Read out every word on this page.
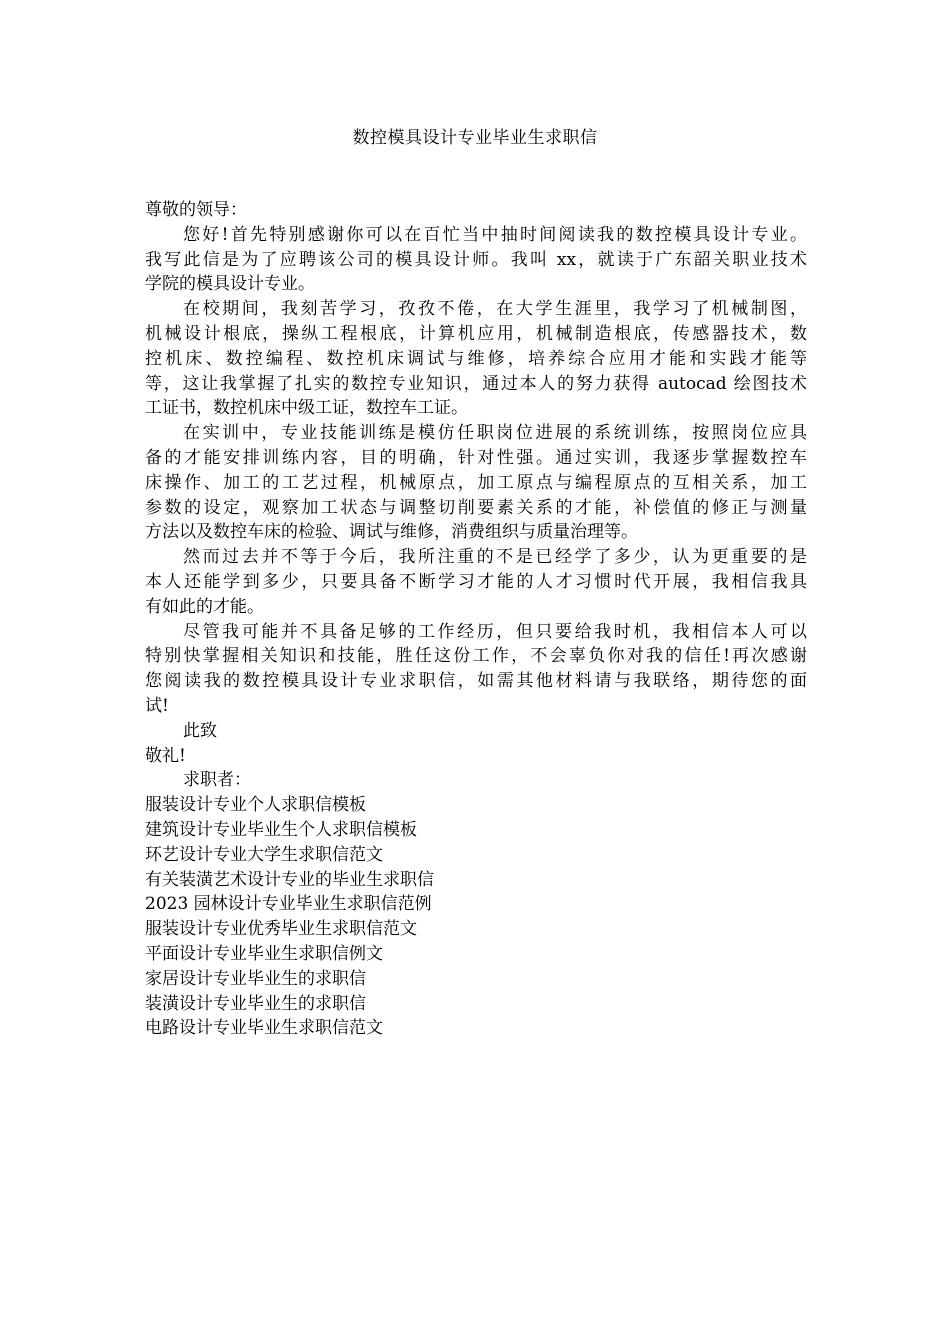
数控模具设计专业毕业生求职信
尊敬的领导：
您好!首先特别感谢你可以在百忙当中抽时间阅读我的数控模具设计专业。
我写此信是为了应聘该公司的模具设计师。我叫 xx，就读于广东韶关职业技术
学院的模具设计专业。
在校期间，我刻苦学习，孜孜不倦，在大学生涯里，我学习了机械制图，
机械设计根底，操纵工程根底，计算机应用，机械制造根底，传感器技术，数
控机床、数控编程、数控机床调试与维修，培养综合应用才能和实践才能等
等，这让我掌握了扎实的数控专业知识，通过本人的努力获得 autocad 绘图技术
工证书，数控机床中级工证，数控车工证。
在实训中，专业技能训练是模仿任职岗位进展的系统训练，按照岗位应具
备的才能安排训练内容，目的明确，针对性强。通过实训，我逐步掌握数控车
床操作、加工的工艺过程，机械原点，加工原点与编程原点的互相关系，加工
参数的设定，观察加工状态与调整切削要素关系的才能，补偿值的修正与测量
方法以及数控车床的检验、调试与维修，消费组织与质量治理等。
然而过去并不等于今后，我所注重的不是已经学了多少，认为更重要的是
本人还能学到多少，只要具备不断学习才能的人才习惯时代开展，我相信我具
有如此的才能。
尽管我可能并不具备足够的工作经历，但只要给我时机，我相信本人可以
特别快掌握相关知识和技能，胜任这份工作，不会辜负你对我的信任!再次感谢
您阅读我的数控模具设计专业求职信，如需其他材料请与我联络，期待您的面
试!
此致
敬礼!
求职者：
服装设计专业个人求职信模板
建筑设计专业毕业生个人求职信模板
环艺设计专业大学生求职信范文
有关装潢艺术设计专业的毕业生求职信
2023 园林设计专业毕业生求职信范例
服装设计专业优秀毕业生求职信范文
平面设计专业毕业生求职信例文
家居设计专业毕业生的求职信
装潢设计专业毕业生的求职信
电路设计专业毕业生求职信范文
